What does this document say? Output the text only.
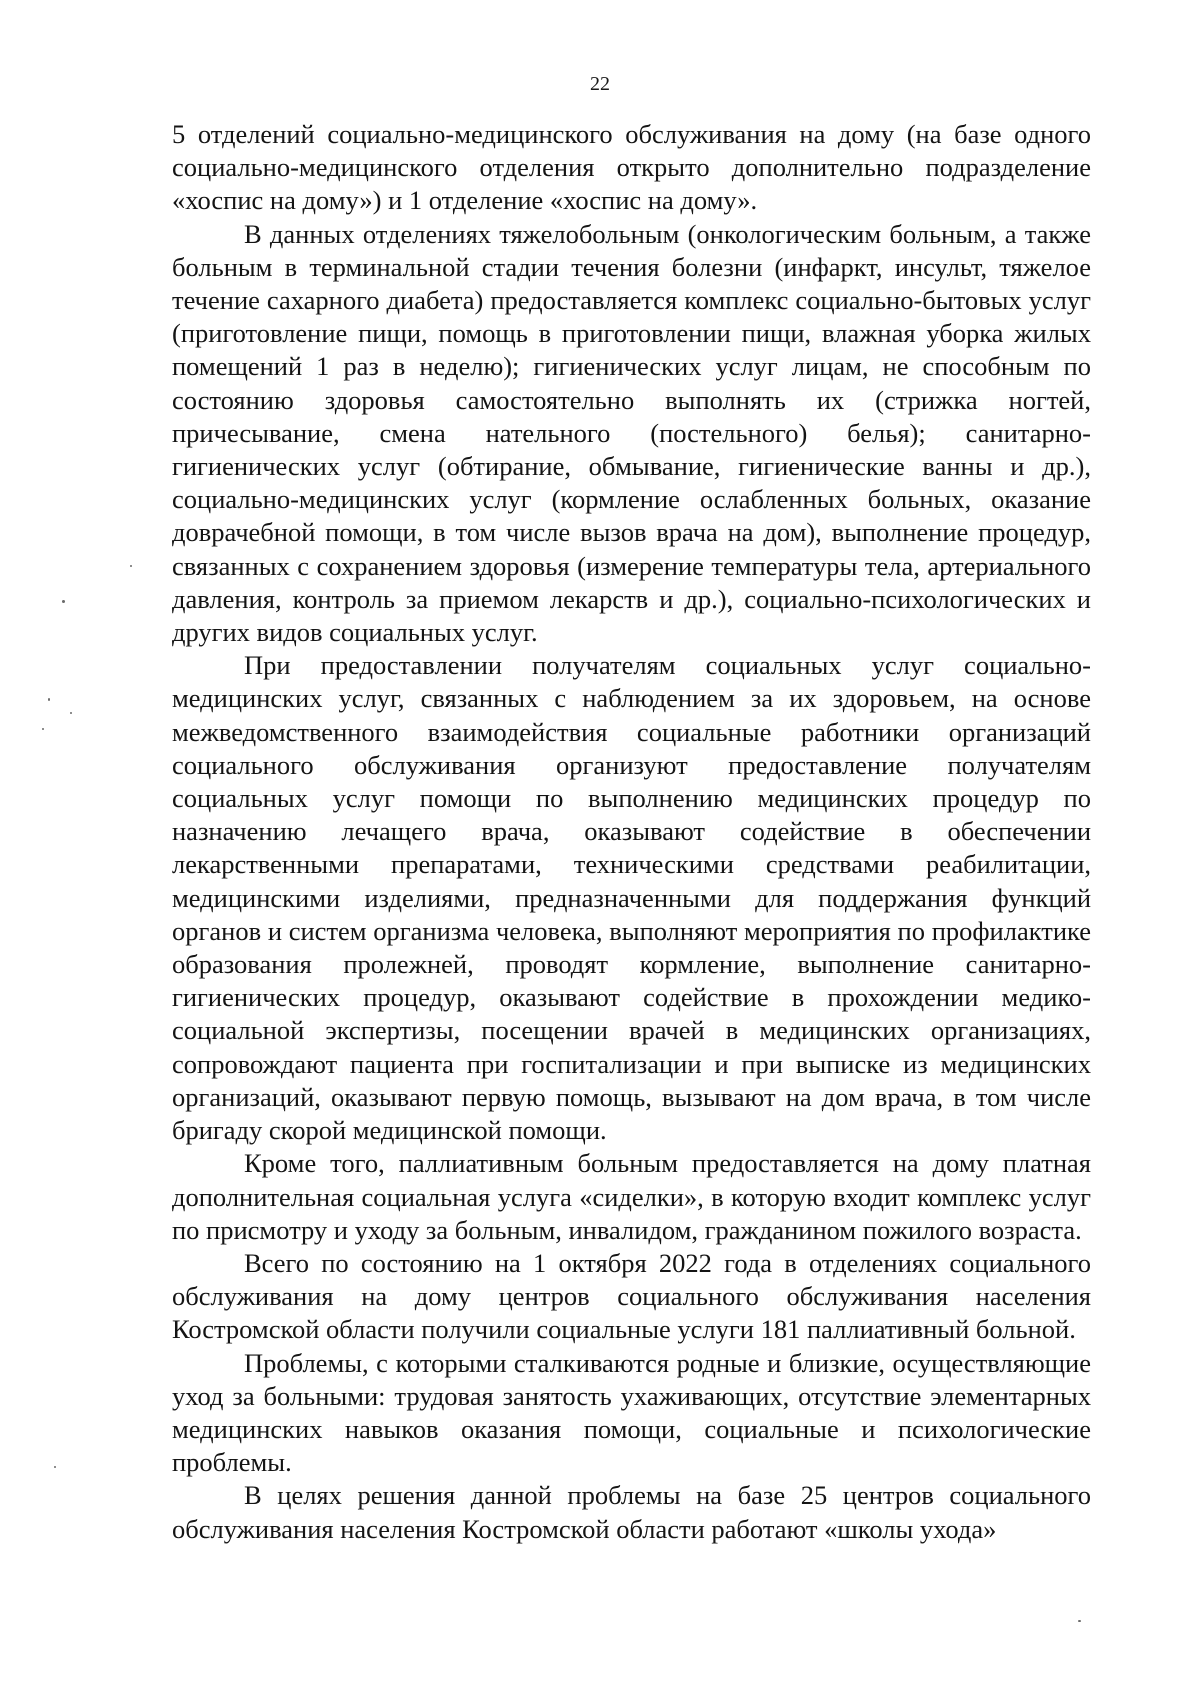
22

5 отделений социально-медицинского обслуживания на дому (на базе одного социально-медицинского отделения открыто дополнительно подразделение «хоспис на дому») и 1 отделение «хоспис на дому».

В данных отделениях тяжелобольным (онкологическим больным, а также больным в терминальной стадии течения болезни (инфаркт, инсульт, тяжелое течение сахарного диабета) предоставляется комплекс социально-бытовых услуг (приготовление пищи, помощь в приготовлении пищи, влажная уборка жилых помещений 1 раз в неделю); гигиенических услуг лицам, не способным по состоянию здоровья самостоятельно выполнять их (стрижка ногтей, причесывание, смена нательного (постельного) белья); санитарно-гигиенических услуг (обтирание, обмывание, гигиенические ванны и др.), социально-медицинских услуг (кормление ослабленных больных, оказание доврачебной помощи, в том числе вызов врача на дом), выполнение процедур, связанных с сохранением здоровья (измерение температуры тела, артериального давления, контроль за приемом лекарств и др.), социально-психологических и других видов социальных услуг.

При предоставлении получателям социальных услуг социально-медицинских услуг, связанных с наблюдением за их здоровьем, на основе межведомственного взаимодействия социальные работники организаций социального обслуживания организуют предоставление получателям социальных услуг помощи по выполнению медицинских процедур по назначению лечащего врача, оказывают содействие в обеспечении лекарственными препаратами, техническими средствами реабилитации, медицинскими изделиями, предназначенными для поддержания функций органов и систем организма человека, выполняют мероприятия по профилактике образования пролежней, проводят кормление, выполнение санитарно-гигиенических процедур, оказывают содействие в прохождении медико-социальной экспертизы, посещении врачей в медицинских организациях, сопровождают пациента при госпитализации и при выписке из медицинских организаций, оказывают первую помощь, вызывают на дом врача, в том числе бригаду скорой медицинской помощи.

Кроме того, паллиативным больным предоставляется на дому платная дополнительная социальная услуга «сиделки», в которую входит комплекс услуг по присмотру и уходу за больным, инвалидом, гражданином пожилого возраста.

Всего по состоянию на 1 октября 2022 года в отделениях социального обслуживания на дому центров социального обслуживания населения Костромской области получили социальные услуги 181 паллиативный больной.

Проблемы, с которыми сталкиваются родные и близкие, осуществляющие уход за больными: трудовая занятость ухаживающих, отсутствие элементарных медицинских навыков оказания помощи, социальные и психологические проблемы.

В целях решения данной проблемы на базе 25 центров социального обслуживания населения Костромской области работают «школы ухода»
